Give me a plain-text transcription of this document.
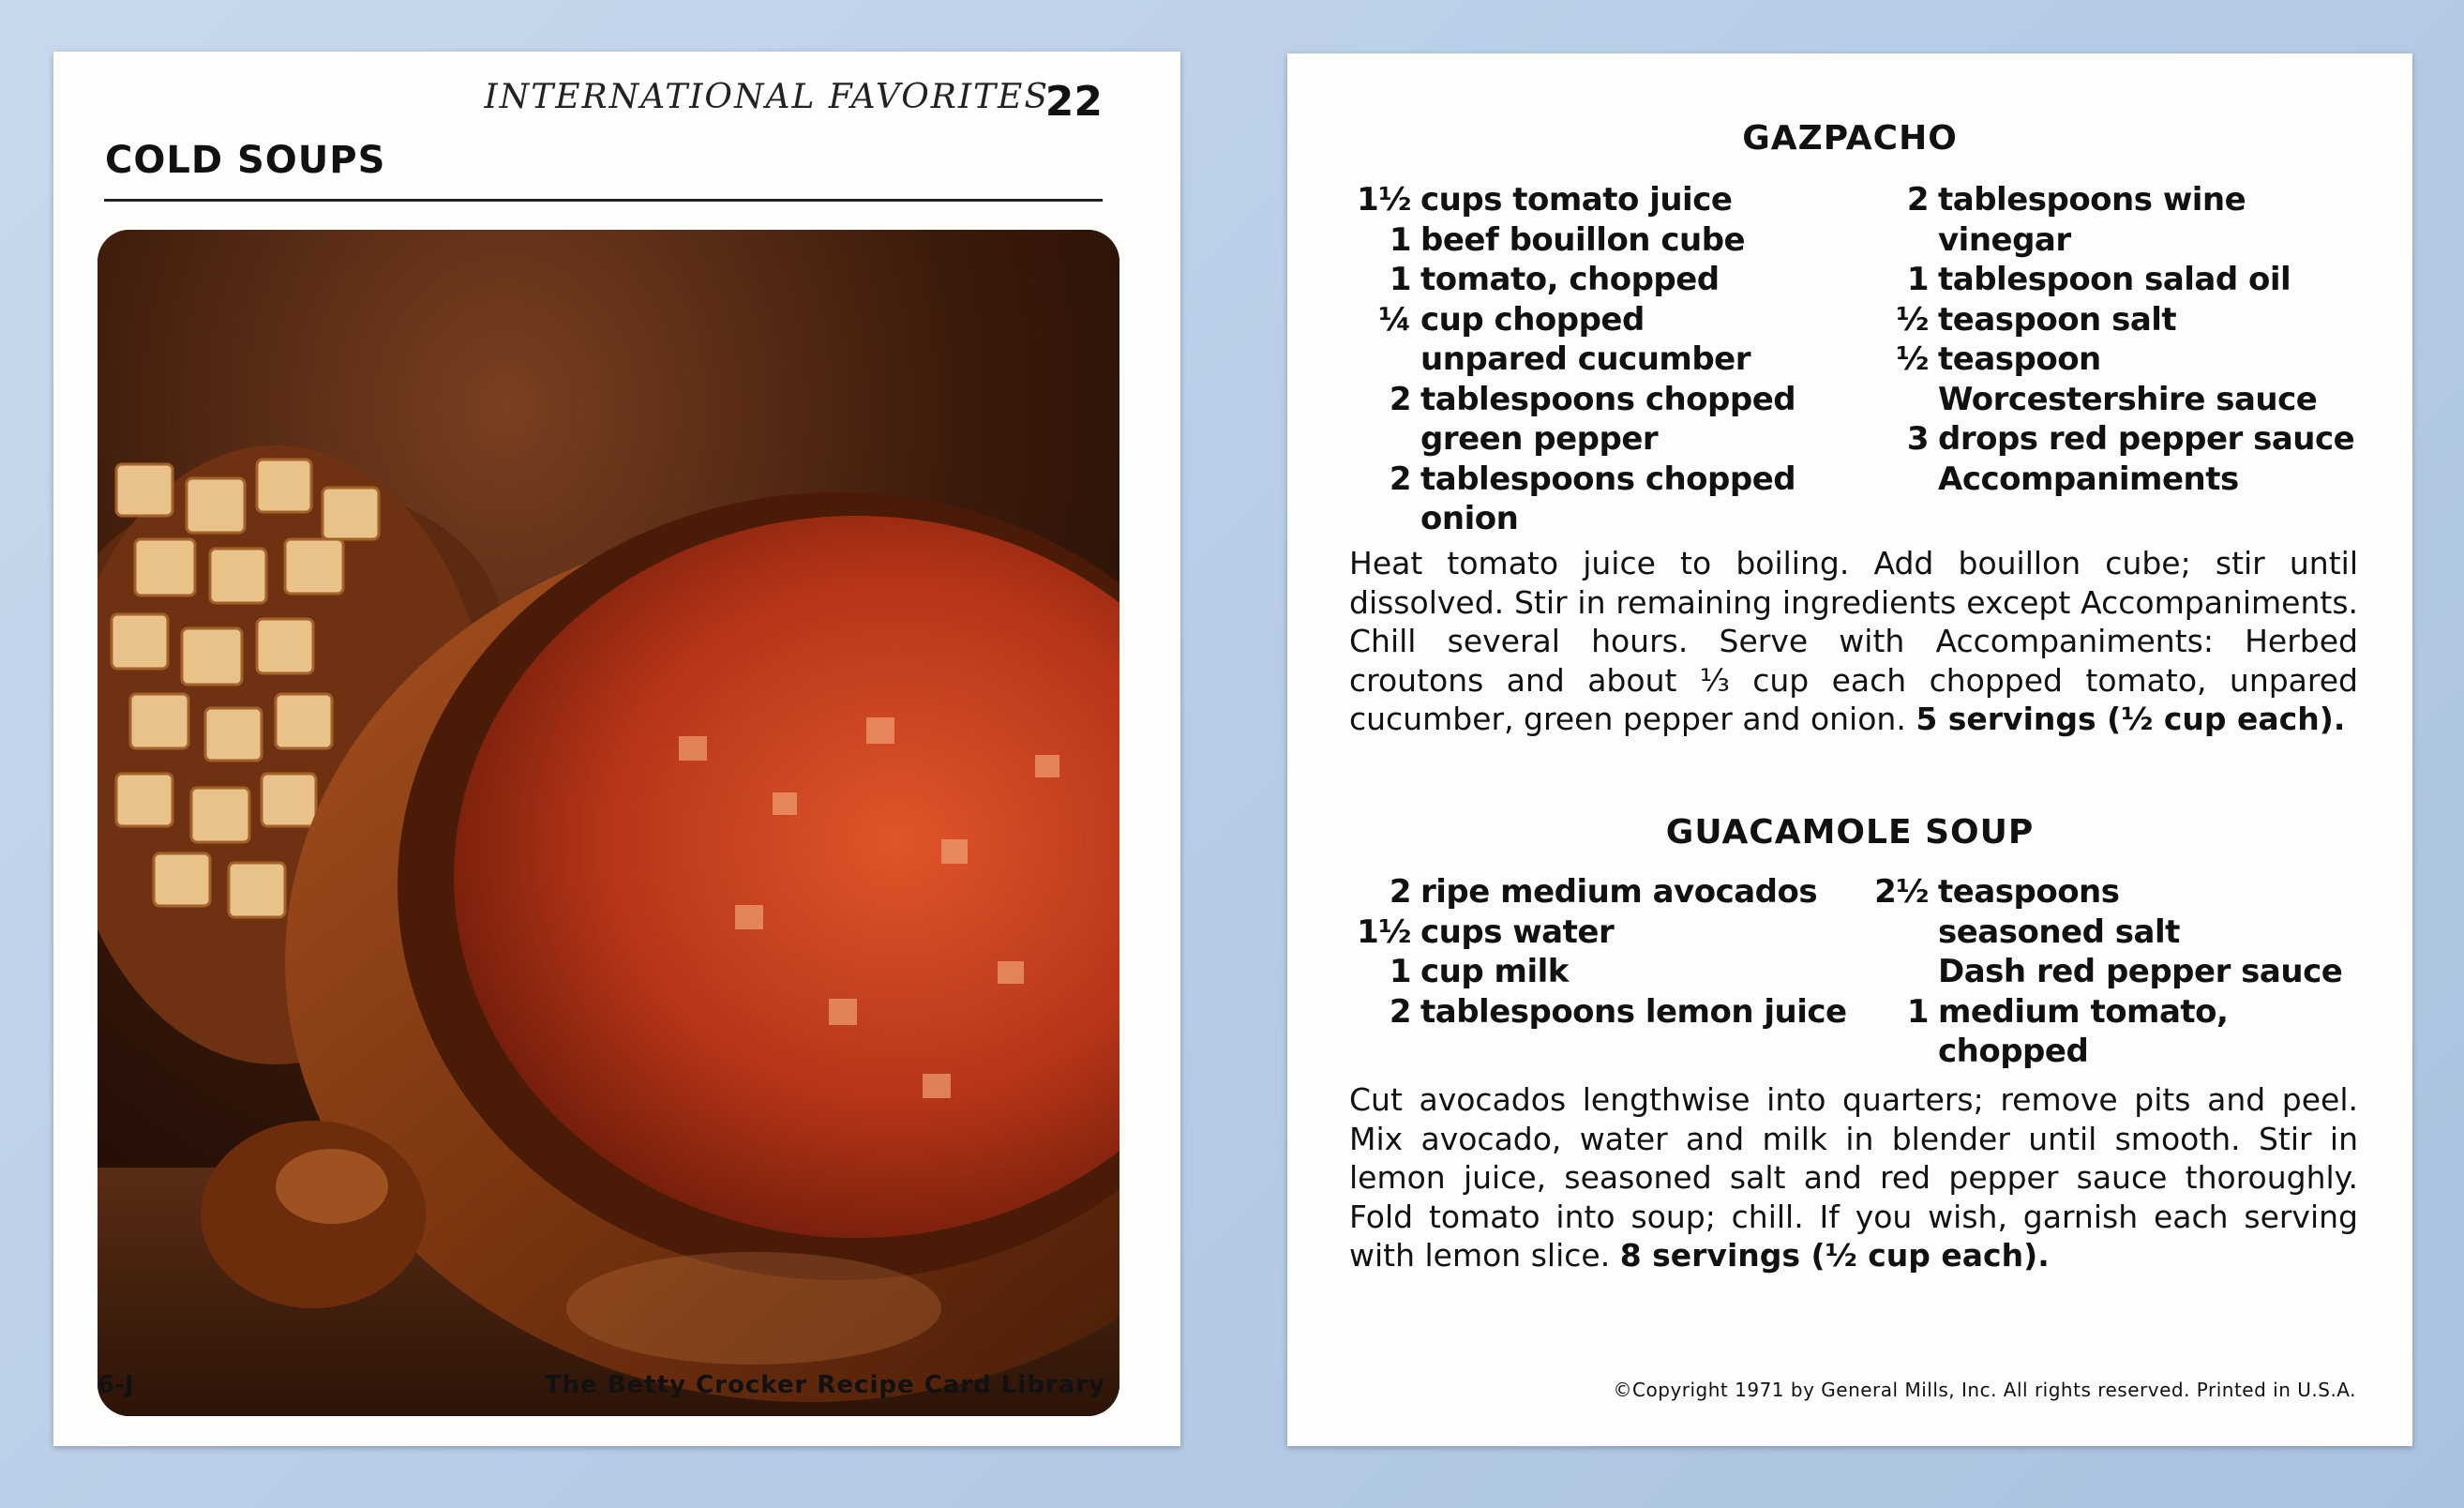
INTERNATIONAL FAVORITES
22
COLD SOUPS
6-J	The Betty Crocker Recipe Card Library
GAZPACHO
1½ cups tomato juice
1 beef bouillon cube
1 tomato, chopped
¼ cup chopped unpared cucumber
2 tablespoons chopped green pepper
2 tablespoons chopped onion
2 tablespoons wine vinegar
1 tablespoon salad oil
½ teaspoon salt
½ teaspoon Worcestershire sauce
3 drops red pepper sauce
Accompaniments
Heat tomato juice to boiling. Add bouillon cube; stir until dissolved. Stir in remaining ingredients except Accompaniments. Chill several hours. Serve with Accompaniments: Herbed croutons and about ⅓ cup each chopped tomato, unpared cucumber, green pepper and onion. 5 servings (½ cup each).
GUACAMOLE SOUP
2 ripe medium avocados
1½ cups water
1 cup milk
2 tablespoons lemon juice
2½ teaspoons seasoned salt
Dash red pepper sauce
1 medium tomato, chopped
Cut avocados lengthwise into quarters; remove pits and peel. Mix avocado, water and milk in blender until smooth. Stir in lemon juice, seasoned salt and red pepper sauce thoroughly. Fold tomato into soup; chill. If you wish, garnish each serving with lemon slice. 8 servings (½ cup each).
©Copyright 1971 by General Mills, Inc. All rights reserved. Printed in U.S.A.
